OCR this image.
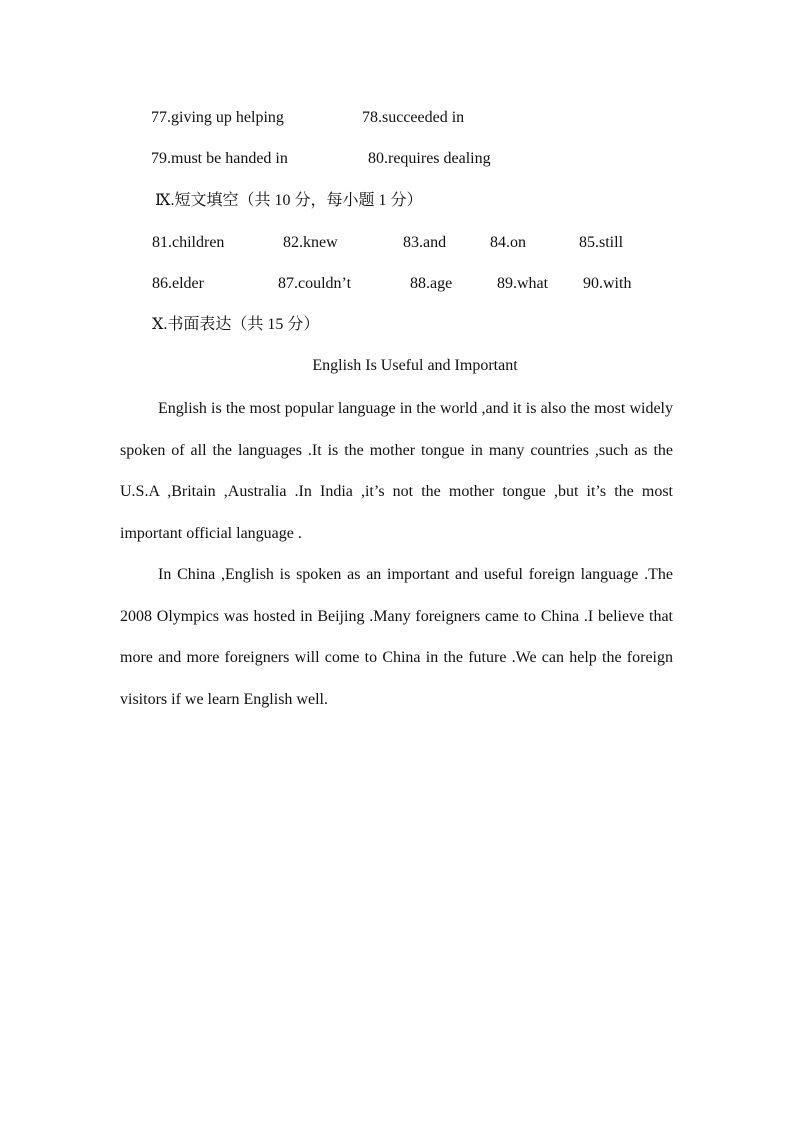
77.giving up helping	78.succeeded in
79.must be handed in	80.requires dealing
Ⅸ.短文填空（共 10 分，每小题 1 分）
81.children	82.knew	83.and	84.on	85.still
86.elder	87.couldn’t	88.age	89.what 90.with
Ⅹ.书面表达（共 15 分）
English Is Useful and Important

English is the most popular language in the world ,and it is also the most widely spoken of all the languages .It is the mother tongue in many countries ,such as the U.S.A ,Britain ,Australia .In India ,it’s not the mother tongue ,but it’s the most important official language .

In China ,English is spoken as an important and useful foreign language .The 2008 Olympics was hosted in Beijing .Many foreigners came to China .I believe that more and more foreigners will come to China in the future .We can help the foreign visitors if we learn English well.
